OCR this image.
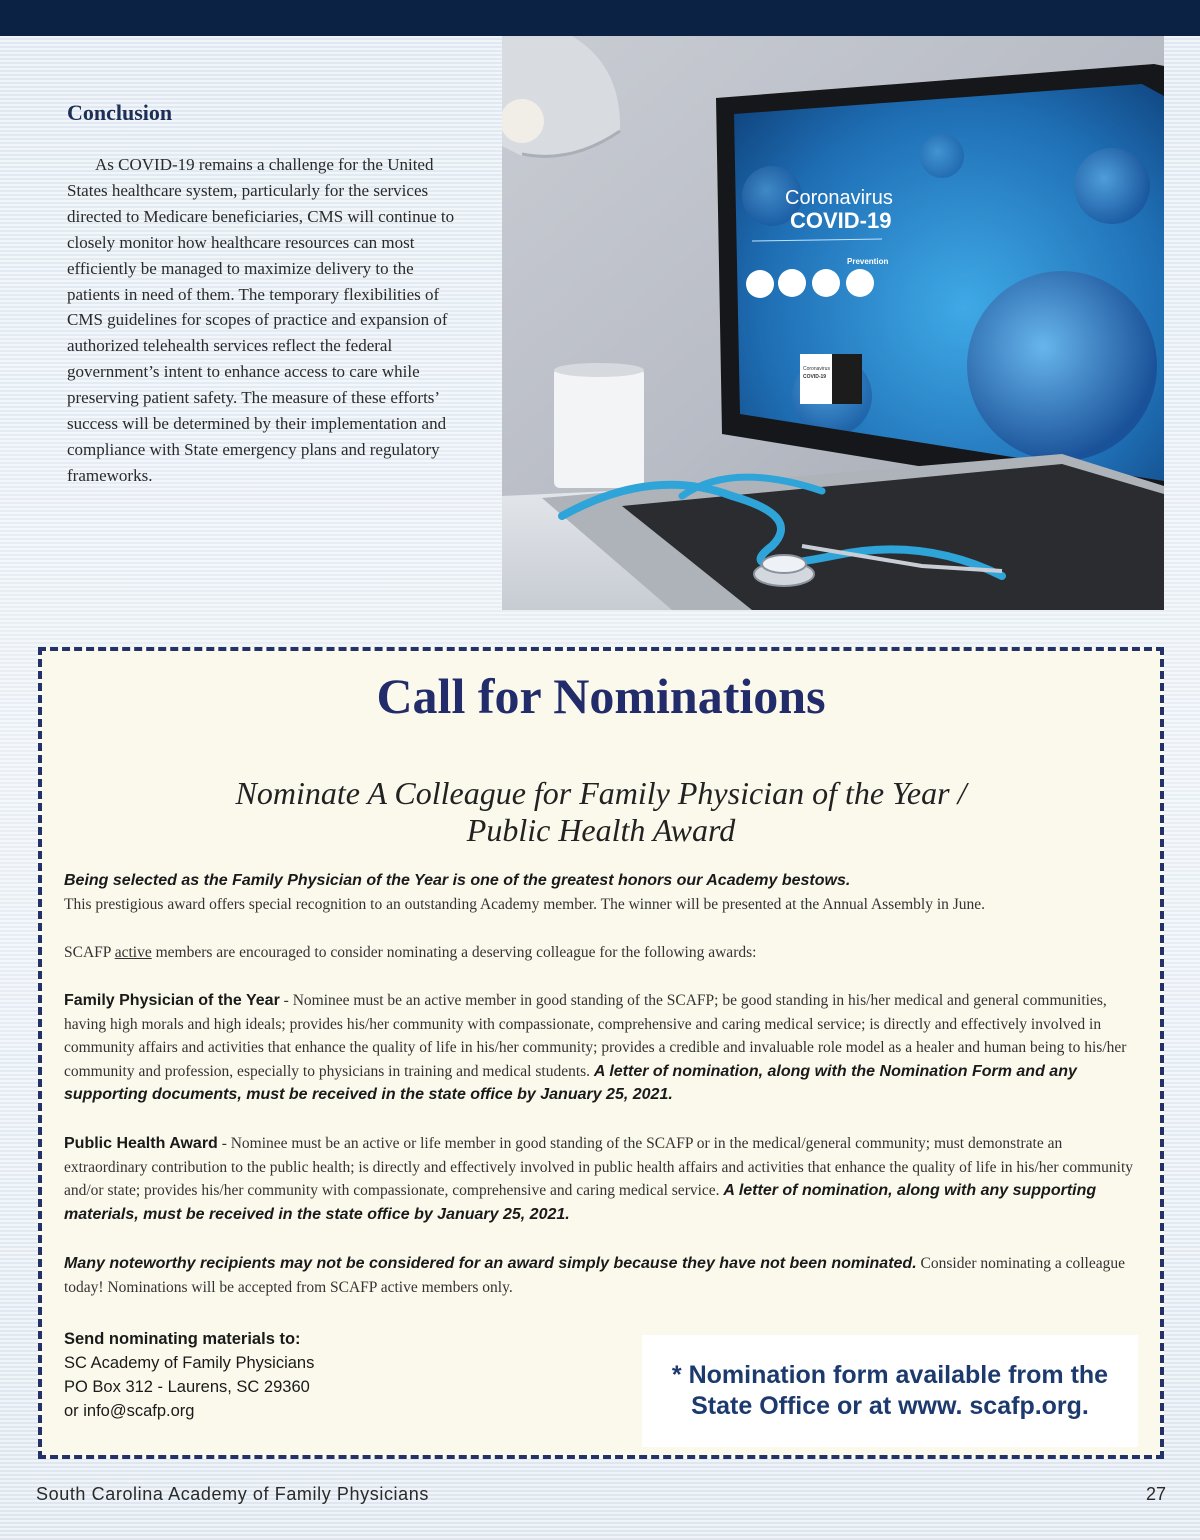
Conclusion

As COVID-19 remains a challenge for the United States healthcare system, particularly for the services directed to Medicare beneficiaries, CMS will continue to closely monitor how healthcare resources can most efficiently be managed to maximize delivery to the patients in need of them. The temporary flexibilities of CMS guidelines for scopes of practice and expansion of authorized telehealth services reflect the federal government’s intent to enhance access to care while preserving patient safety. The measure of these efforts’ success will be determined by their implementation and compliance with State emergency plans and regulatory frameworks.

Coronavirus
COVID-19
Prevention
Coronavirus
COVID-19
Call for Nominations
Nominate A Colleague for Family Physician of the Year /
Public Health Award
Being selected as the Family Physician of the Year is one of the greatest honors our Academy bestows.
This prestigious award offers special recognition to an outstanding Academy member. The winner will be presented at the Annual Assembly in June.
SCAFP active members are encouraged to consider nominating a deserving colleague for the following awards:
Family Physician of the Year - Nominee must be an active member in good standing of the SCAFP; be good standing in his/her medical and general communities, having high morals and high ideals; provides his/her community with compassionate, comprehensive and caring medical service; is directly and effectively involved in community affairs and activities that enhance the quality of life in his/her community; provides a credible and invaluable role model as a healer and human being to his/her community and profession, especially to physicians in training and medical students. A letter of nomination, along with the Nomination Form and any supporting documents, must be received in the state office by January 25, 2021.
Public Health Award - Nominee must be an active or life member in good standing of the SCAFP or in the medical/general community; must demonstrate an extraordinary contribution to the public health; is directly and effectively involved in public health affairs and activities that enhance the quality of life in his/her community and/or state; provides his/her community with compassionate, comprehensive and caring medical service. A letter of nomination, along with any supporting materials, must be received in the state office by January 25, 2021.
Many noteworthy recipients may not be considered for an award simply because they have not been nominated. Consider nominating a colleague today! Nominations will be accepted from SCAFP active members only.
Send nominating materials to:
SC Academy of Family Physicians
PO Box 312 - Laurens, SC 29360
or info@scafp.org
* Nomination form available from the State Office or at www. scafp.org.
South Carolina Academy of Family Physicians	27
